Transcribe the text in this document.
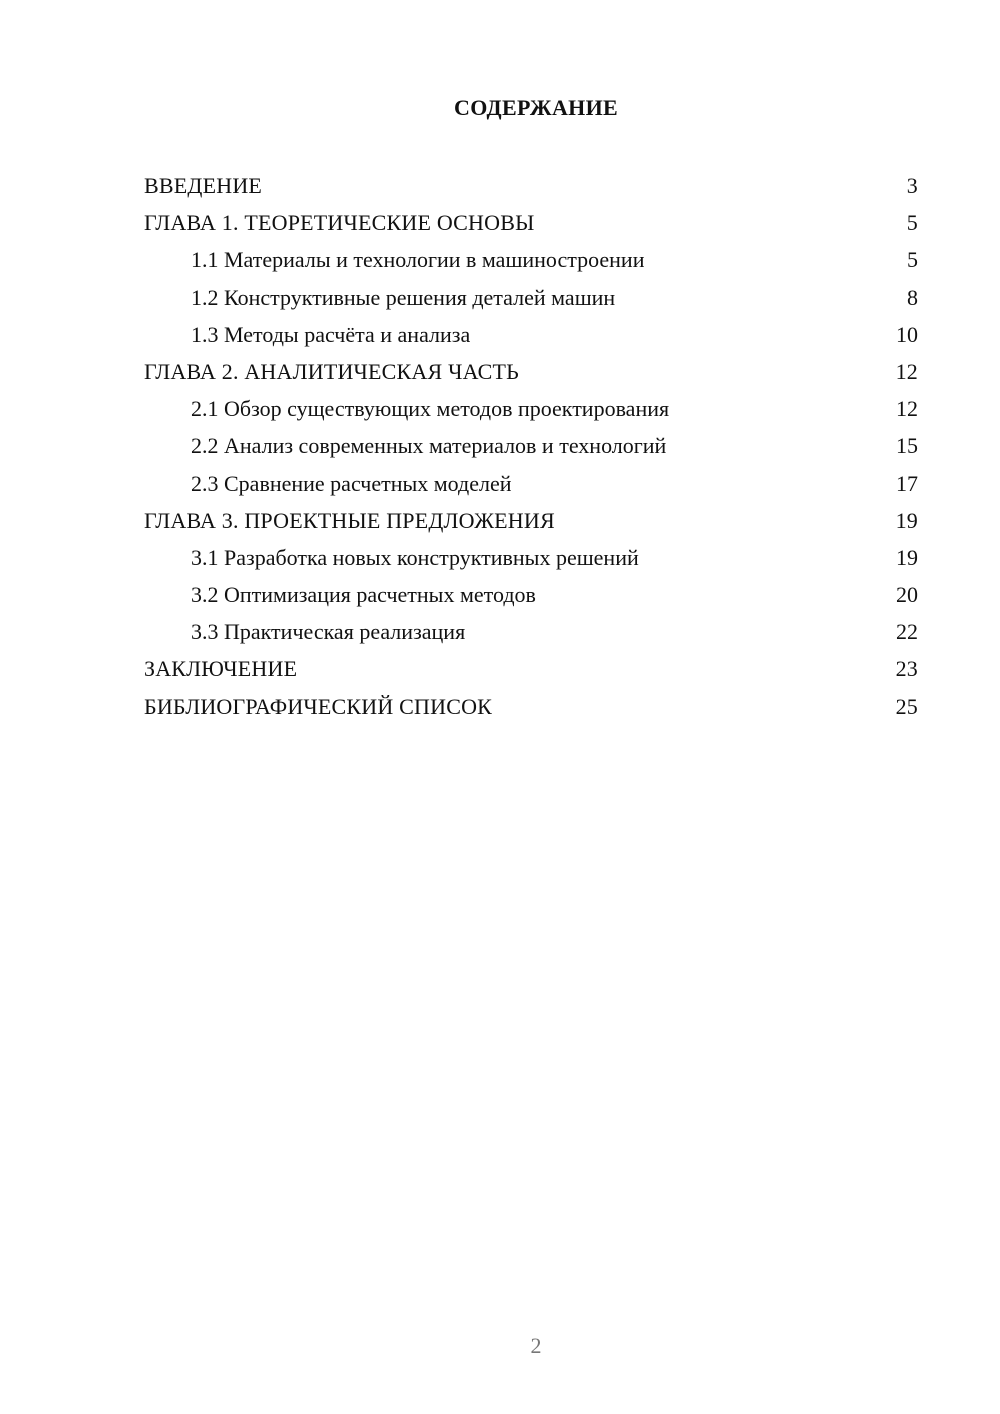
СОДЕРЖАНИЕ
ВВЕДЕНИЕ	3
ГЛАВА 1. ТЕОРЕТИЧЕСКИЕ ОСНОВЫ	5
1.1 Материалы и технологии в машиностроении	5
1.2 Конструктивные решения деталей машин	8
1.3 Методы расчёта и анализа	10
ГЛАВА 2. АНАЛИТИЧЕСКАЯ ЧАСТЬ	12
2.1 Обзор существующих методов проектирования	12
2.2 Анализ современных материалов и технологий	15
2.3 Сравнение расчетных моделей	17
ГЛАВА 3. ПРОЕКТНЫЕ ПРЕДЛОЖЕНИЯ	19
3.1 Разработка новых конструктивных решений	19
3.2 Оптимизация расчетных методов	20
3.3 Практическая реализация	22
ЗАКЛЮЧЕНИЕ	23
БИБЛИОГРАФИЧЕСКИЙ СПИСОК	25
2
